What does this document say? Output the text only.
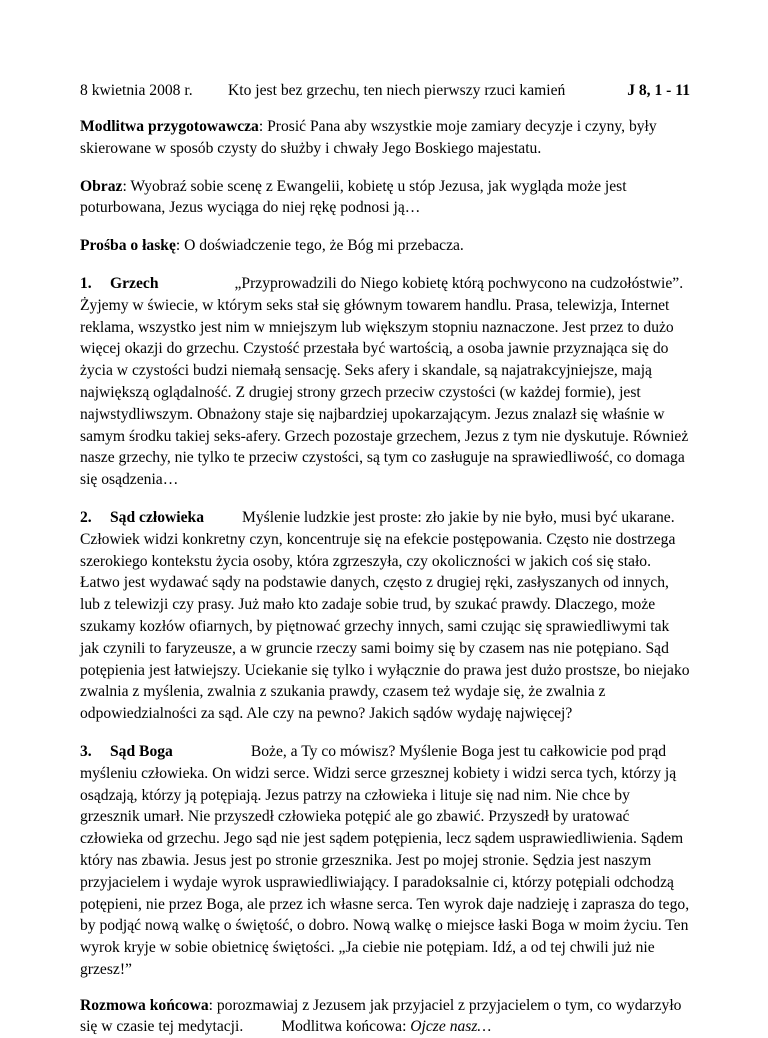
8 kwietnia 2008 r. Kto jest bez grzechu, ten niech pierwszy rzuci kamień	J 8, 1 - 11

Modlitwa przygotowawcza: Prosić Pana aby wszystkie moje zamiary decyzje i czyny, były skierowane w sposób czysty do służby i chwały Jego Boskiego majestatu.

Obraz: Wyobraź sobie scenę z Ewangelii, kobietę u stóp Jezusa, jak wygląda może jest poturbowana, Jezus wyciąga do niej rękę podnosi ją…

Prośba o łaskę: O doświadczenie tego, że Bóg mi przebacza.

1. Grzech	„Przyprowadzili do Niego kobietę którą pochwycono na cudzołóstwie”. Żyjemy w świecie, w którym seks stał się głównym towarem handlu. Prasa, telewizja, Internet reklama, wszystko jest nim w mniejszym lub większym stopniu naznaczone. Jest przez to dużo więcej okazji do grzechu. Czystość przestała być wartością, a osoba jawnie przyznająca się do życia w czystości budzi niemałą sensację. Seks afery i skandale, są najatrakcyjniejsze, mają największą oglądalność. Z drugiej strony grzech przeciw czystości (w każdej formie), jest najwstydliwszym. Obnażony staje się najbardziej upokarzającym. Jezus znalazł się właśnie w samym środku takiej seks-afery. Grzech pozostaje grzechem, Jezus z tym nie dyskutuje. Również nasze grzechy, nie tylko te przeciw czystości, są tym co zasługuje na sprawiedliwość, co domaga się osądzenia…

2. Sąd człowieka Myślenie ludzkie jest proste: zło jakie by nie było, musi być ukarane. Człowiek widzi konkretny czyn, koncentruje się na efekcie postępowania. Często nie dostrzega szerokiego kontekstu życia osoby, która zgrzeszyła, czy okoliczności w jakich coś się stało. Łatwo jest wydawać sądy na podstawie danych, często z drugiej ręki, zasłyszanych od innych, lub z telewizji czy prasy. Już mało kto zadaje sobie trud, by szukać prawdy. Dlaczego, może szukamy kozłów ofiarnych, by piętnować grzechy innych, sami czując się sprawiedliwymi tak jak czynili to faryzeusze, a w gruncie rzeczy sami boimy się by czasem nas nie potępiano. Sąd potępienia jest łatwiejszy. Uciekanie się tylko i wyłącznie do prawa jest dużo prostsze, bo niejako zwalnia z myślenia, zwalnia z szukania prawdy, czasem też wydaje się, że zwalnia z odpowiedzialności za sąd. Ale czy na pewno? Jakich sądów wydaję najwięcej?

3. Sąd Boga	Boże, a Ty co mówisz? Myślenie Boga jest tu całkowicie pod prąd myśleniu człowieka. On widzi serce. Widzi serce grzesznej kobiety i widzi serca tych, którzy ją osądzają, którzy ją potępiają. Jezus patrzy na człowieka i lituje się nad nim. Nie chce by grzesznik umarł. Nie przyszedł człowieka potępić ale go zbawić. Przyszedł by uratować człowieka od grzechu. Jego sąd nie jest sądem potępienia, lecz sądem usprawiedliwienia. Sądem który nas zbawia. Jesus jest po stronie grzesznika. Jest po mojej stronie. Sędzia jest naszym przyjacielem i wydaje wyrok usprawiedliwiający. I paradoksalnie ci, którzy potępiali odchodzą potępieni, nie przez Boga, ale przez ich własne serca. Ten wyrok daje nadzieję i zaprasza do tego, by podjąć nową walkę o świętość, o dobro. Nową walkę o miejsce łaski Boga w moim życiu. Ten wyrok kryje w sobie obietnicę świętości. „Ja ciebie nie potępiam. Idź, a od tej chwili już nie grzesz!”

Rozmowa końcowa: porozmawiaj z Jezusem jak przyjaciel z przyjacielem o tym, co wydarzyło się w czasie tej medytacji. Modlitwa końcowa: Ojcze nasz…
